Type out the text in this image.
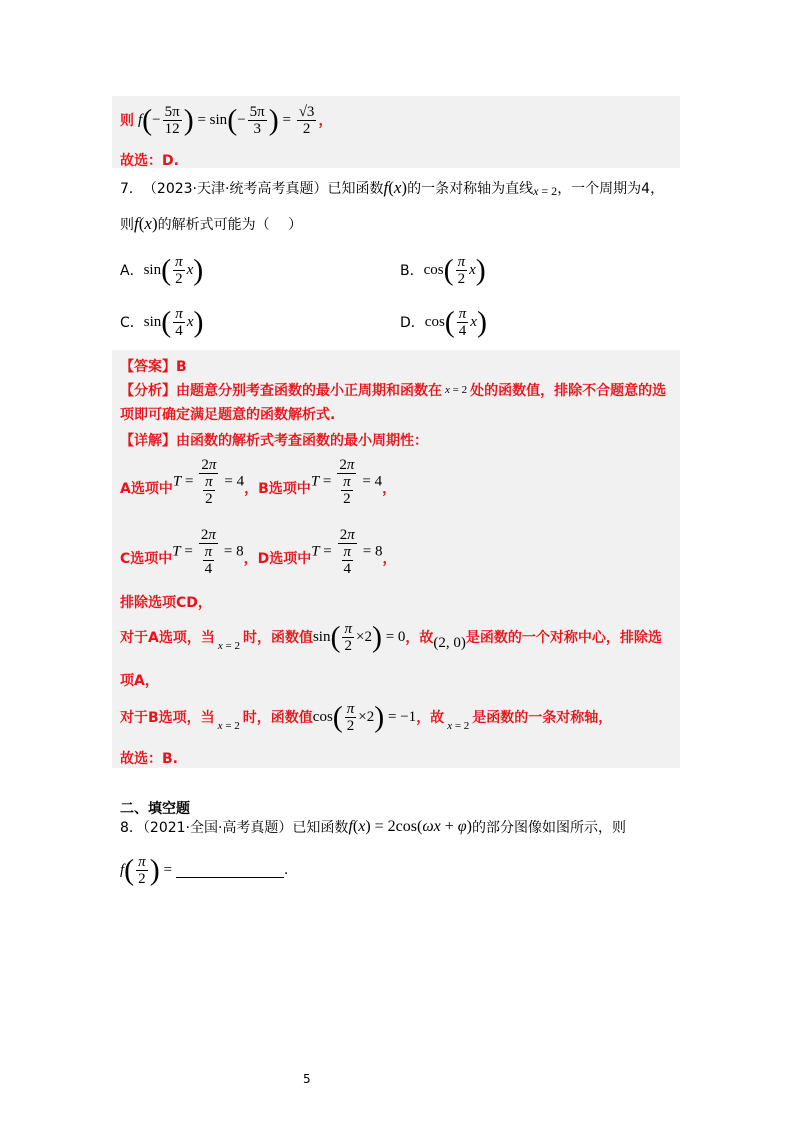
则 $f(- \frac{5\pi}{12}$ ) = $\sin(- \frac{5\pi}{3}$ ) = $\frac{√3}{2}$ ，
故选：D.
7． （2023·天津·统考高考真题）已知函数 f(x) 的一条对称轴为直线 x = 2 ，一个周期为4，
则 f(x) 的解析式可能为（　 ）
A． $\sin( \frac{\pi}{2} x)$	B． $\cos( \frac{\pi}{2} x)$
C． $\sin( \frac{\pi}{4} x)$	D． $\cos( \frac{\pi}{4} x)$
【答案】B
【分析】由题意分别考查函数的最小正周期和函数在 x = 2 处的函数值，排除不合题意的选
项即可确定满足题意的函数解析式.
【详解】由函数的解析式考查函数的最小周期性：
A选项中 $T = \frac{2\pi}{\frac{\pi}{2}} = 4$ ，B选项中 $T = \frac{2\pi}{\frac{\pi}{2}} = 4$ ，
C选项中 $T = \frac{2\pi}{\frac{\pi}{4}} = 8$ ，D选项中 $T = \frac{2\pi}{\frac{\pi}{4}} = 8$ ，
排除选项CD，
对于A选项，当 x = 2 时，函数值 $\sin( \frac{\pi}{2} \times 2) = 0$ ，故 (2, 0) 是函数的一个对称中心，排除选
项A，
对于B选项，当 x = 2 时，函数值 $\cos( \frac{\pi}{2} \times 2) = -1$ ，故 x = 2 是函数的一条对称轴，
故选：B.
二、填空题
8．（2021·全国·高考真题）已知函数 f(x) = 2cos(ωx + φ) 的部分图像如图所示，则
$f( \frac{\pi}{2}$ ) =	.
5
